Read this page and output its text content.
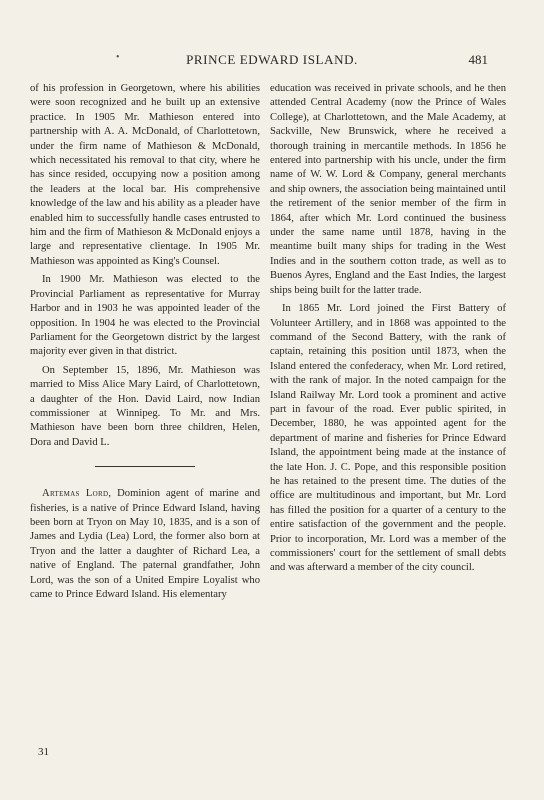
•	PRINCE EDWARD ISLAND.	481

of his profession in Georgetown, where his abilities were soon recognized and he built up an extensive practice. In 1905 Mr. Mathieson entered into partnership with A. A. McDonald, of Charlottetown, under the firm name of Mathieson & McDonald, which necessitated his removal to that city, where he has since resided, occupying now a position among the leaders at the local bar. His comprehensive knowledge of the law and his ability as a pleader have enabled him to successfully handle cases entrusted to him and the firm of Mathieson & McDonald enjoys a large and representative clientage. In 1905 Mr. Mathieson was appointed as King's Counsel.

In 1900 Mr. Mathieson was elected to the Provincial Parliament as representative for Murray Harbor and in 1903 he was appointed leader of the opposition. In 1904 he was elected to the Provincial Parliament for the Georgetown district by the largest majority ever given in that district.

On September 15, 1896, Mr. Mathieson was married to Miss Alice Mary Laird, of Charlottetown, a daughter of the Hon. David Laird, now Indian commissioner at Winnipeg. To Mr. and Mrs. Mathieson have been born three children, Helen, Dora and David L.

Artemas Lord, Dominion agent of marine and fisheries, is a native of Prince Edward Island, having been born at Tryon on May 10, 1835, and is a son of James and Lydia (Lea) Lord, the former also born at Tryon and the latter a daughter of Richard Lea, a native of England. The paternal grandfather, John Lord, was the son of a United Empire Loyalist who came to Prince Edward Island. His elementary

education was received in private schools, and he then attended Central Academy (now the Prince of Wales College), at Charlottetown, and the Male Academy, at Sackville, New Brunswick, where he received a thorough training in mercantile methods. In 1856 he entered into partnership with his uncle, under the firm name of W. W. Lord & Company, general merchants and ship owners, the association being maintained until the retirement of the senior member of the firm in 1864, after which Mr. Lord continued the business under the same name until 1878, having in the meantime built many ships for trading in the West Indies and in the southern cotton trade, as well as to Buenos Ayres, England and the East Indies, the largest ships being built for the latter trade.

In 1865 Mr. Lord joined the First Battery of Volunteer Artillery, and in 1868 was appointed to the command of the Second Battery, with the rank of captain, retaining this position until 1873, when the Island entered the confederacy, when Mr. Lord retired, with the rank of major. In the noted campaign for the Island Railway Mr. Lord took a prominent and active part in favour of the road. Ever public spirited, in December, 1880, he was appointed agent for the department of marine and fisheries for Prince Edward Island, the appointment being made at the instance of the late Hon. J. C. Pope, and this responsible position he has retained to the present time. The duties of the office are multitudinous and important, but Mr. Lord has filled the position for a quarter of a century to the entire satisfaction of the government and the people. Prior to incorporation, Mr. Lord was a member of the commissioners' court for the settlement of small debts and was afterward a member of the city council.

31
